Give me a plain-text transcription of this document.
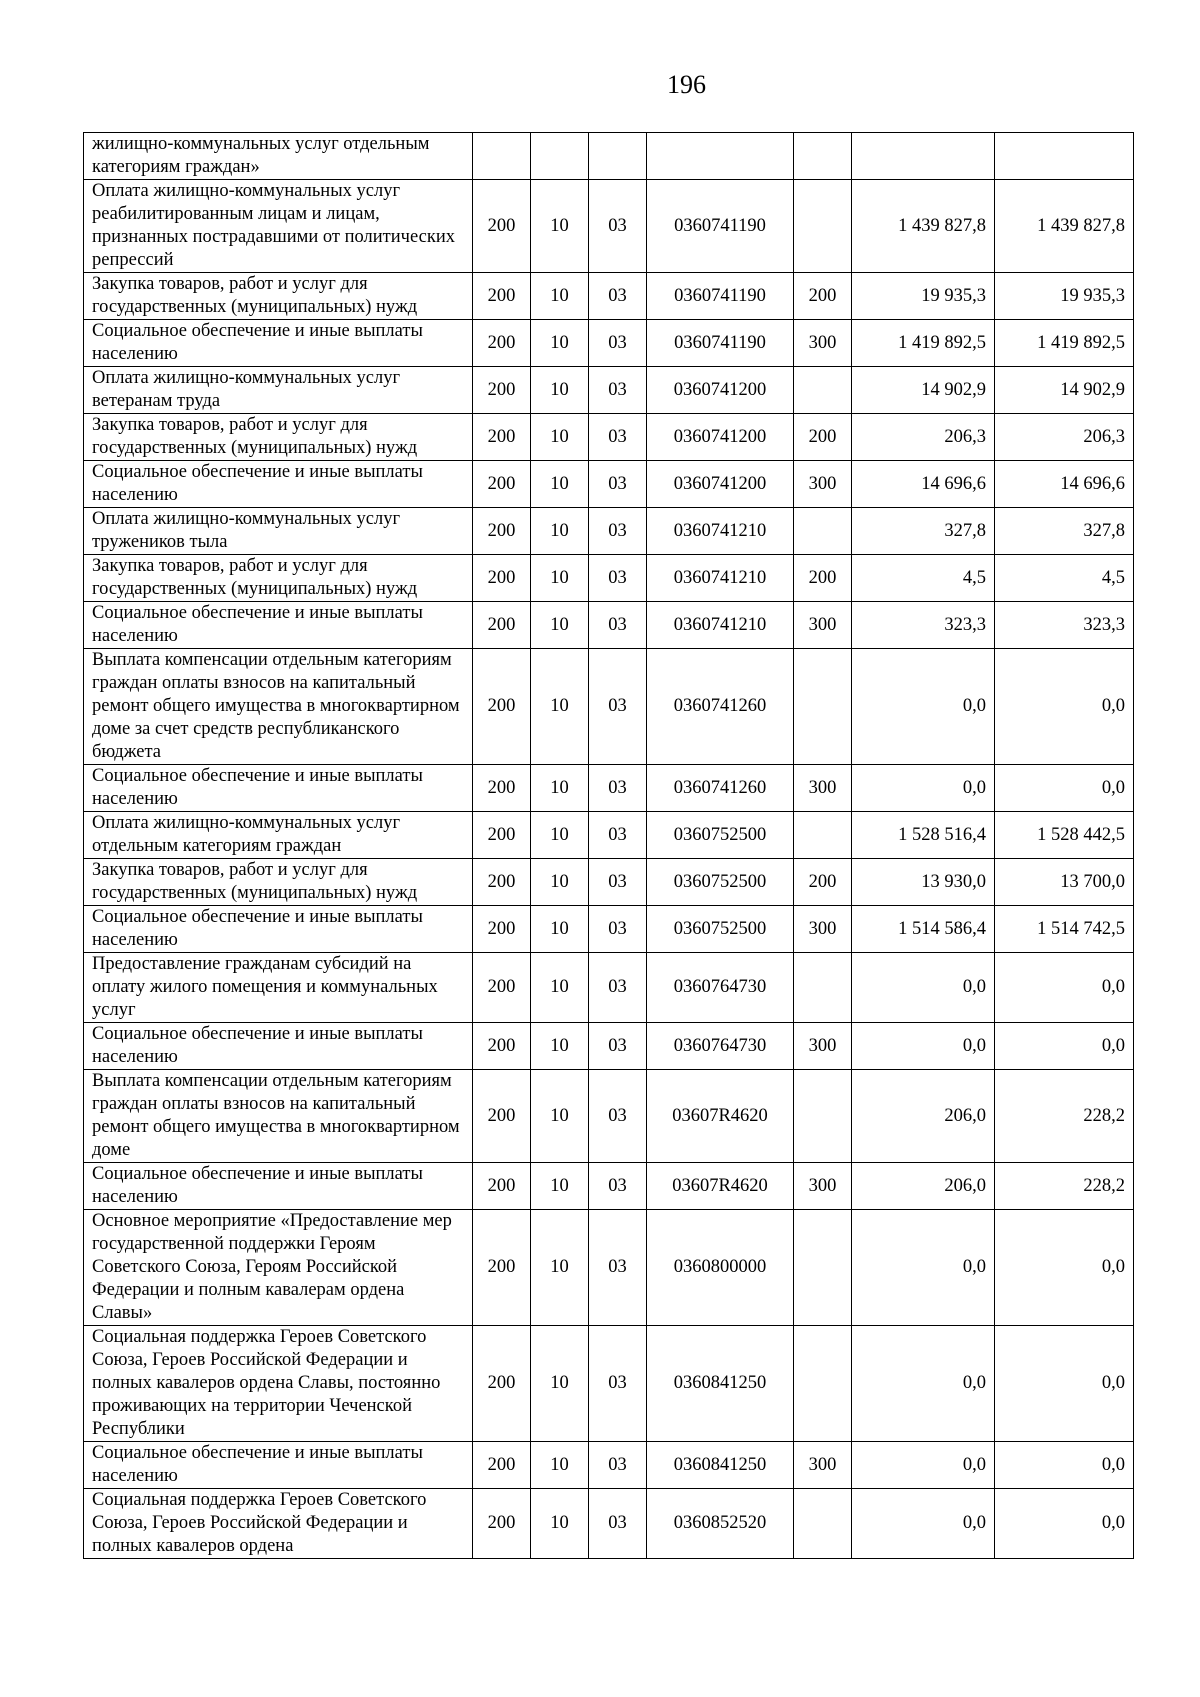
196
жилищно-коммунальных услуг отдельным категориям граждан»							
Оплата жилищно-коммунальных услуг реабилитированным лицам и лицам, признанных пострадавшими от политических репрессий	200	10	03	0360741190		1 439 827,8	1 439 827,8
Закупка товаров, работ и услуг для государственных (муниципальных) нужд	200	10	03	0360741190	200	19 935,3	19 935,3
Социальное обеспечение и иные выплаты населению	200	10	03	0360741190	300	1 419 892,5	1 419 892,5
Оплата жилищно-коммунальных услуг ветеранам труда	200	10	03	0360741200		14 902,9	14 902,9
Закупка товаров, работ и услуг для государственных (муниципальных) нужд	200	10	03	0360741200	200	206,3	206,3
Социальное обеспечение и иные выплаты населению	200	10	03	0360741200	300	14 696,6	14 696,6
Оплата жилищно-коммунальных услуг тружеников тыла	200	10	03	0360741210		327,8	327,8
Закупка товаров, работ и услуг для государственных (муниципальных) нужд	200	10	03	0360741210	200	4,5	4,5
Социальное обеспечение и иные выплаты населению	200	10	03	0360741210	300	323,3	323,3
Выплата компенсации отдельным категориям граждан оплаты взносов на капитальный ремонт общего имущества в многоквартирном доме за счет средств республиканского бюджета	200	10	03	0360741260		0,0	0,0
Социальное обеспечение и иные выплаты населению	200	10	03	0360741260	300	0,0	0,0
Оплата жилищно-коммунальных услуг отдельным категориям граждан	200	10	03	0360752500		1 528 516,4	1 528 442,5
Закупка товаров, работ и услуг для государственных (муниципальных) нужд	200	10	03	0360752500	200	13 930,0	13 700,0
Социальное обеспечение и иные выплаты населению	200	10	03	0360752500	300	1 514 586,4	1 514 742,5
Предоставление гражданам субсидий на оплату жилого помещения и коммунальных услуг	200	10	03	0360764730		0,0	0,0
Социальное обеспечение и иные выплаты населению	200	10	03	0360764730	300	0,0	0,0
Выплата компенсации отдельным категориям граждан оплаты взносов на капитальный ремонт общего имущества в многоквартирном доме	200	10	03	03607R4620		206,0	228,2
Социальное обеспечение и иные выплаты населению	200	10	03	03607R4620	300	206,0	228,2
Основное мероприятие «Предоставление мер государственной поддержки Героям Советского Союза, Героям Российской Федерации и полным кавалерам ордена Славы»	200	10	03	0360800000		0,0	0,0
Социальная поддержка Героев Советского Союза, Героев Российской Федерации и полных кавалеров ордена Славы, постоянно проживающих на территории Чеченской Республики	200	10	03	0360841250		0,0	0,0
Социальное обеспечение и иные выплаты населению	200	10	03	0360841250	300	0,0	0,0
Социальная поддержка Героев Советского Союза, Героев Российской Федерации и полных кавалеров ордена	200	10	03	0360852520		0,0	0,0
